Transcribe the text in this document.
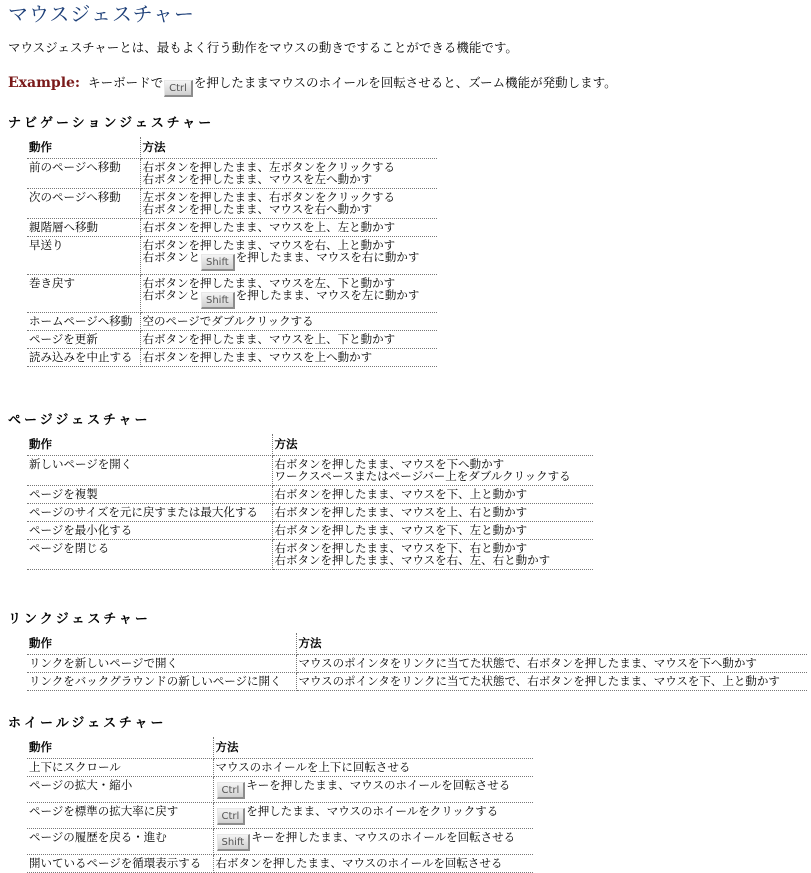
マウスジェスチャー
マウスジェスチャーとは、最もよく行う動作をマウスの動きですることができる機能です。
Example: キーボードで Ctrl を押したままマウスのホイールを回転させると、ズーム機能が発動します。
ナビゲーションジェスチャー
動作	方法
前のページへ移動	右ボタンを押したまま、左ボタンをクリックする
右ボタンを押したまま、マウスを左へ動かす

次のページへ移動	左ボタンを押したまま、右ボタンをクリックする
右ボタンを押したまま、マウスを右へ動かす

親階層へ移動	右ボタンを押したまま、マウスを上、左と動かす

早送り	右ボタンを押したまま、マウスを右、上と動かす
右ボタンと Shift を押したまま、マウスを右に動かす

巻き戻す	右ボタンを押したまま、マウスを左、下と動かす
右ボタンと Shift を押したまま、マウスを左に動かす

ホームページへ移動	空のページでダブルクリックする

ページを更新	右ボタンを押したまま、マウスを上、下と動かす

読み込みを中止する	右ボタンを押したまま、マウスを上へ動かす
ページジェスチャー
動作	方法
新しいページを開く	右ボタンを押したまま、マウスを下へ動かす
ワークスペースまたはページバー上をダブルクリックする

ページを複製	右ボタンを押したまま、マウスを下、上と動かす

ページのサイズを元に戻すまたは最大化する	右ボタンを押したまま、マウスを上、右と動かす

ページを最小化する	右ボタンを押したまま、マウスを下、左と動かす

ページを閉じる	右ボタンを押したまま、マウスを下、右と動かす
右ボタンを押したまま、マウスを右、左、右と動かす
リンクジェスチャー
動作	方法
リンクを新しいページで開く	マウスのポインタをリンクに当てた状態で、右ボタンを押したまま、マウスを下へ動かす
リンクをバックグラウンドの新しいページに開く	マウスのポインタをリンクに当てた状態で、右ボタンを押したまま、マウスを下、上と動かす
ホイールジェスチャー
動作	方法
上下にスクロール	マウスのホイールを上下に回転させる
ページの拡大・縮小	Ctrl キーを押したまま、マウスのホイールを回転させる
ページを標準の拡大率に戻す	Ctrl を押したまま、マウスのホイールをクリックする
ページの履歴を戻る・進む	Shift キーを押したまま、マウスのホイールを回転させる
開いているページを循環表示する	右ボタンを押したまま、マウスのホイールを回転させる
